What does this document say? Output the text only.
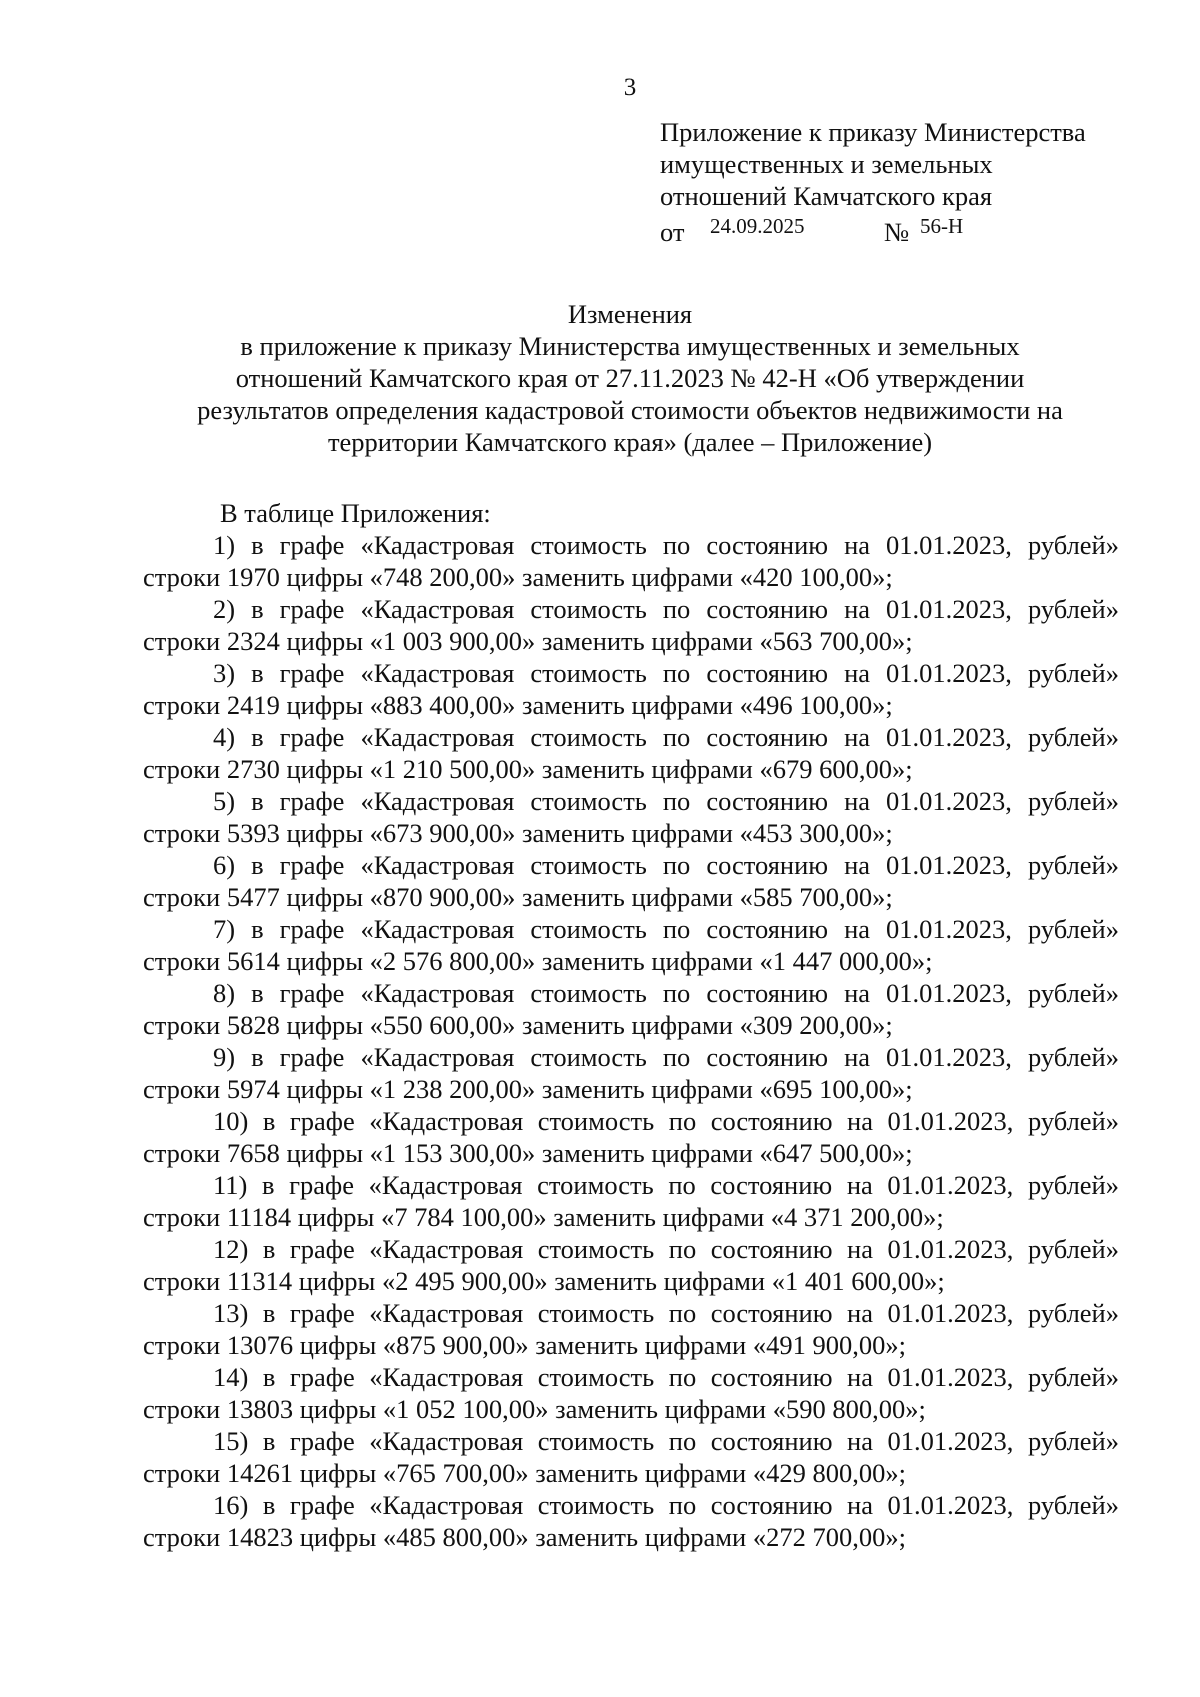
3
Приложение к приказу Министерства
имущественных и земельных
отношений Камчатского края
от 24.09.2025	№ 56-Н
Изменения
в приложение к приказу Министерства имущественных и земельных
отношений Камчатского края от 27.11.2023 № 42-Н «Об утверждении
результатов определения кадастровой стоимости объектов недвижимости на
территории Камчатского края» (далее – Приложение)
В таблице Приложения:
1) в графе «Кадастровая стоимость по состоянию на 01.01.2023, рублей»
строки 1970 цифры «748 200,00» заменить цифрами «420 100,00»;
2) в графе «Кадастровая стоимость по состоянию на 01.01.2023, рублей»
строки 2324 цифры «1 003 900,00» заменить цифрами «563 700,00»;
3) в графе «Кадастровая стоимость по состоянию на 01.01.2023, рублей»
строки 2419 цифры «883 400,00» заменить цифрами «496 100,00»;
4) в графе «Кадастровая стоимость по состоянию на 01.01.2023, рублей»
строки 2730 цифры «1 210 500,00» заменить цифрами «679 600,00»;
5) в графе «Кадастровая стоимость по состоянию на 01.01.2023, рублей»
строки 5393 цифры «673 900,00» заменить цифрами «453 300,00»;
6) в графе «Кадастровая стоимость по состоянию на 01.01.2023, рублей»
строки 5477 цифры «870 900,00» заменить цифрами «585 700,00»;
7) в графе «Кадастровая стоимость по состоянию на 01.01.2023, рублей»
строки 5614 цифры «2 576 800,00» заменить цифрами «1 447 000,00»;
8) в графе «Кадастровая стоимость по состоянию на 01.01.2023, рублей»
строки 5828 цифры «550 600,00» заменить цифрами «309 200,00»;
9) в графе «Кадастровая стоимость по состоянию на 01.01.2023, рублей»
строки 5974 цифры «1 238 200,00» заменить цифрами «695 100,00»;
10) в графе «Кадастровая стоимость по состоянию на 01.01.2023, рублей»
строки 7658 цифры «1 153 300,00» заменить цифрами «647 500,00»;
11) в графе «Кадастровая стоимость по состоянию на 01.01.2023, рублей»
строки 11184 цифры «7 784 100,00» заменить цифрами «4 371 200,00»;
12) в графе «Кадастровая стоимость по состоянию на 01.01.2023, рублей»
строки 11314 цифры «2 495 900,00» заменить цифрами «1 401 600,00»;
13) в графе «Кадастровая стоимость по состоянию на 01.01.2023, рублей»
строки 13076 цифры «875 900,00» заменить цифрами «491 900,00»;
14) в графе «Кадастровая стоимость по состоянию на 01.01.2023, рублей»
строки 13803 цифры «1 052 100,00» заменить цифрами «590 800,00»;
15) в графе «Кадастровая стоимость по состоянию на 01.01.2023, рублей»
строки 14261 цифры «765 700,00» заменить цифрами «429 800,00»;
16) в графе «Кадастровая стоимость по состоянию на 01.01.2023, рублей»
строки 14823 цифры «485 800,00» заменить цифрами «272 700,00»;
